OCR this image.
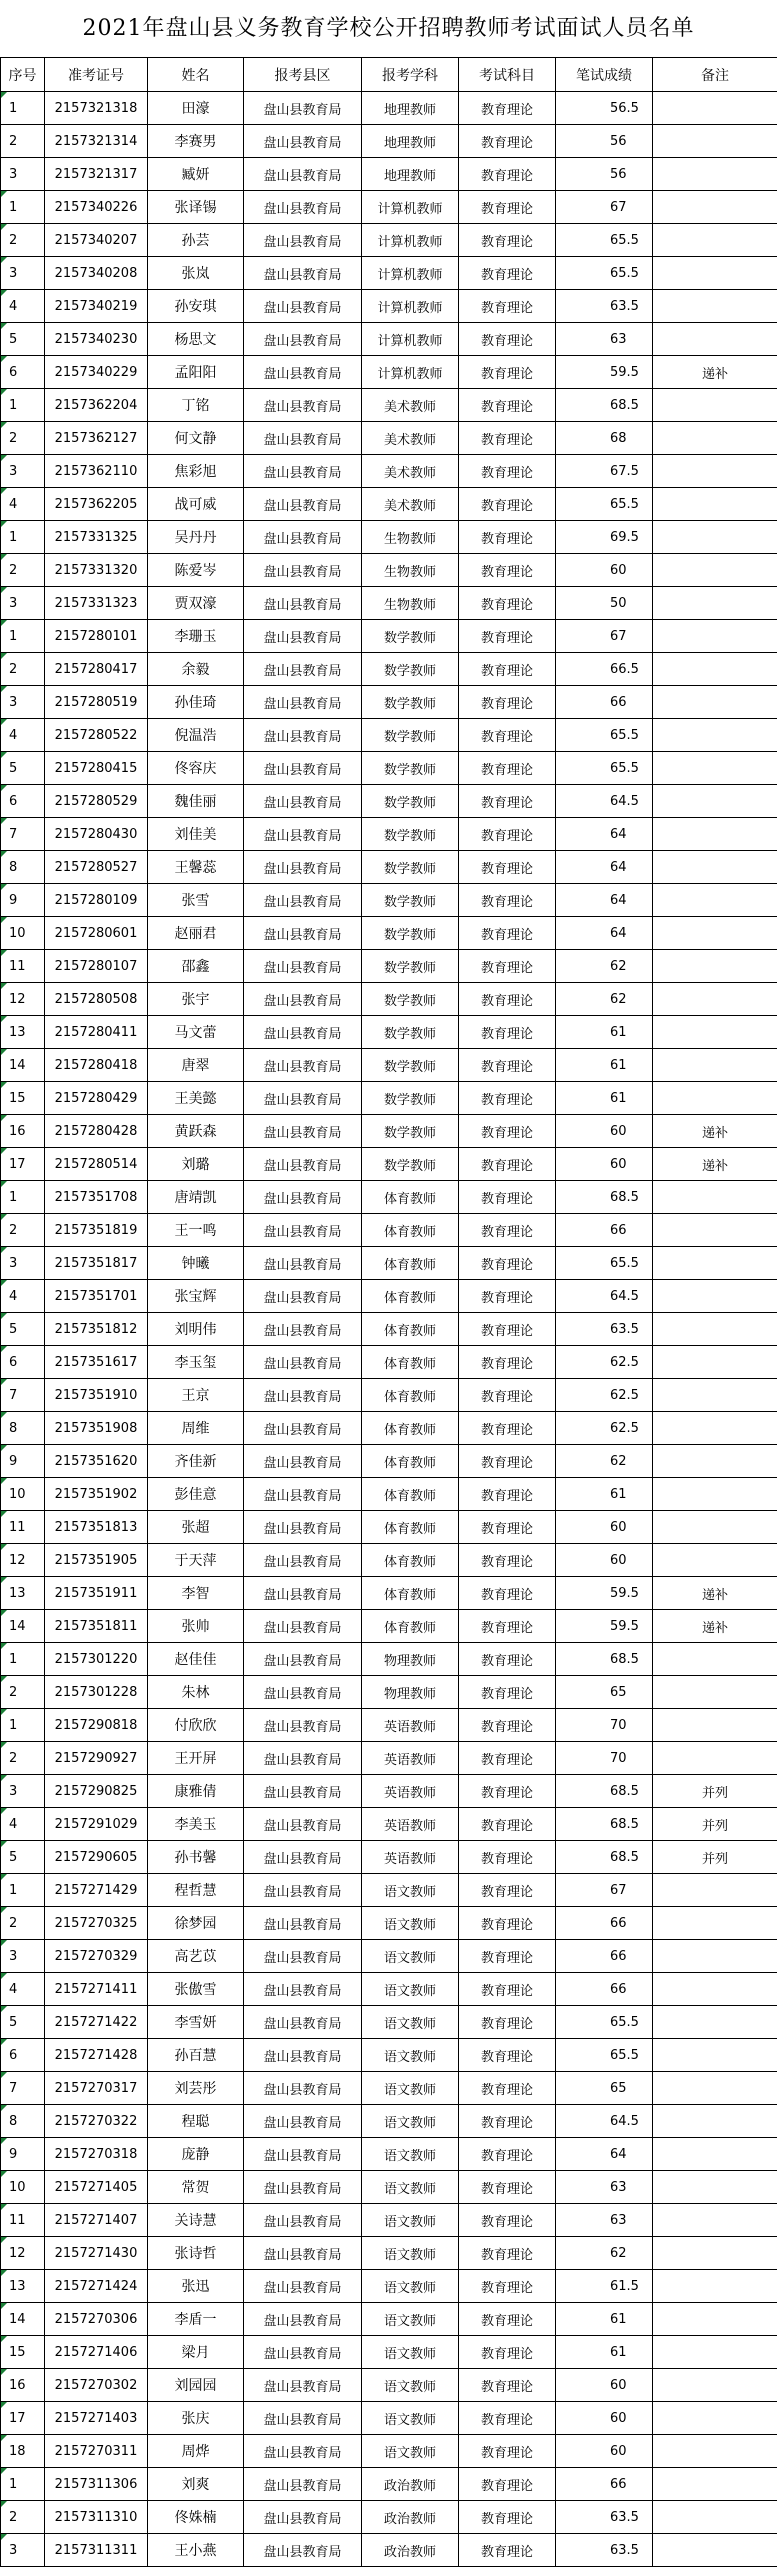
2021年盘山县义务教育学校公开招聘教师考试面试人员名单
序号	准考证号	姓名	报考县区	报考学科	考试科目	笔试成绩	备注
1	2157321318	田濠	盘山县教育局	地理教师	教育理论	56.5	
2	2157321314	李赛男	盘山县教育局	地理教师	教育理论	56	
3	2157321317	臧妍	盘山县教育局	地理教师	教育理论	56	
1	2157340226	张译锡	盘山县教育局	计算机教师	教育理论	67	
2	2157340207	孙芸	盘山县教育局	计算机教师	教育理论	65.5	
3	2157340208	张岚	盘山县教育局	计算机教师	教育理论	65.5	
4	2157340219	孙安琪	盘山县教育局	计算机教师	教育理论	63.5	
5	2157340230	杨思文	盘山县教育局	计算机教师	教育理论	63	
6	2157340229	孟阳阳	盘山县教育局	计算机教师	教育理论	59.5	递补
1	2157362204	丁铭	盘山县教育局	美术教师	教育理论	68.5	
2	2157362127	何文静	盘山县教育局	美术教师	教育理论	68	
3	2157362110	焦彩旭	盘山县教育局	美术教师	教育理论	67.5	
4	2157362205	战可威	盘山县教育局	美术教师	教育理论	65.5	
1	2157331325	吴丹丹	盘山县教育局	生物教师	教育理论	69.5	
2	2157331320	陈爱岑	盘山县教育局	生物教师	教育理论	60	
3	2157331323	贾双濠	盘山县教育局	生物教师	教育理论	50	
1	2157280101	李珊玉	盘山县教育局	数学教师	教育理论	67	
2	2157280417	余毅	盘山县教育局	数学教师	教育理论	66.5	
3	2157280519	孙佳琦	盘山县教育局	数学教师	教育理论	66	
4	2157280522	倪温浩	盘山县教育局	数学教师	教育理论	65.5	
5	2157280415	佟容庆	盘山县教育局	数学教师	教育理论	65.5	
6	2157280529	魏佳丽	盘山县教育局	数学教师	教育理论	64.5	
7	2157280430	刘佳美	盘山县教育局	数学教师	教育理论	64	
8	2157280527	王馨蕊	盘山县教育局	数学教师	教育理论	64	
9	2157280109	张雪	盘山县教育局	数学教师	教育理论	64	
10	2157280601	赵丽君	盘山县教育局	数学教师	教育理论	64	
11	2157280107	邵鑫	盘山县教育局	数学教师	教育理论	62	
12	2157280508	张宇	盘山县教育局	数学教师	教育理论	62	
13	2157280411	马文蕾	盘山县教育局	数学教师	教育理论	61	
14	2157280418	唐翠	盘山县教育局	数学教师	教育理论	61	
15	2157280429	王美懿	盘山县教育局	数学教师	教育理论	61	
16	2157280428	黄跃森	盘山县教育局	数学教师	教育理论	60	递补
17	2157280514	刘璐	盘山县教育局	数学教师	教育理论	60	递补
1	2157351708	唐靖凯	盘山县教育局	体育教师	教育理论	68.5	
2	2157351819	王一鸣	盘山县教育局	体育教师	教育理论	66	
3	2157351817	钟曦	盘山县教育局	体育教师	教育理论	65.5	
4	2157351701	张宝辉	盘山县教育局	体育教师	教育理论	64.5	
5	2157351812	刘明伟	盘山县教育局	体育教师	教育理论	63.5	
6	2157351617	李玉玺	盘山县教育局	体育教师	教育理论	62.5	
7	2157351910	王京	盘山县教育局	体育教师	教育理论	62.5	
8	2157351908	周维	盘山县教育局	体育教师	教育理论	62.5	
9	2157351620	齐佳新	盘山县教育局	体育教师	教育理论	62	
10	2157351902	彭佳意	盘山县教育局	体育教师	教育理论	61	
11	2157351813	张超	盘山县教育局	体育教师	教育理论	60	
12	2157351905	于天萍	盘山县教育局	体育教师	教育理论	60	
13	2157351911	李智	盘山县教育局	体育教师	教育理论	59.5	递补
14	2157351811	张帅	盘山县教育局	体育教师	教育理论	59.5	递补
1	2157301220	赵佳佳	盘山县教育局	物理教师	教育理论	68.5	
2	2157301228	朱林	盘山县教育局	物理教师	教育理论	65	
1	2157290818	付欣欣	盘山县教育局	英语教师	教育理论	70	
2	2157290927	王开屏	盘山县教育局	英语教师	教育理论	70	
3	2157290825	康雅倩	盘山县教育局	英语教师	教育理论	68.5	并列
4	2157291029	李美玉	盘山县教育局	英语教师	教育理论	68.5	并列
5	2157290605	孙书馨	盘山县教育局	英语教师	教育理论	68.5	并列
1	2157271429	程哲慧	盘山县教育局	语文教师	教育理论	67	
2	2157270325	徐梦园	盘山县教育局	语文教师	教育理论	66	
3	2157270329	高艺苡	盘山县教育局	语文教师	教育理论	66	
4	2157271411	张傲雪	盘山县教育局	语文教师	教育理论	66	
5	2157271422	李雪妍	盘山县教育局	语文教师	教育理论	65.5	
6	2157271428	孙百慧	盘山县教育局	语文教师	教育理论	65.5	
7	2157270317	刘芸彤	盘山县教育局	语文教师	教育理论	65	
8	2157270322	程聪	盘山县教育局	语文教师	教育理论	64.5	
9	2157270318	庞静	盘山县教育局	语文教师	教育理论	64	
10	2157271405	常贺	盘山县教育局	语文教师	教育理论	63	
11	2157271407	关诗慧	盘山县教育局	语文教师	教育理论	63	
12	2157271430	张诗哲	盘山县教育局	语文教师	教育理论	62	
13	2157271424	张迅	盘山县教育局	语文教师	教育理论	61.5	
14	2157270306	李盾一	盘山县教育局	语文教师	教育理论	61	
15	2157271406	梁月	盘山县教育局	语文教师	教育理论	61	
16	2157270302	刘园园	盘山县教育局	语文教师	教育理论	60	
17	2157271403	张庆	盘山县教育局	语文教师	教育理论	60	
18	2157270311	周烨	盘山县教育局	语文教师	教育理论	60	
1	2157311306	刘爽	盘山县教育局	政治教师	教育理论	66	
2	2157311310	佟姝楠	盘山县教育局	政治教师	教育理论	63.5	
3	2157311311	王小燕	盘山县教育局	政治教师	教育理论	63.5	
